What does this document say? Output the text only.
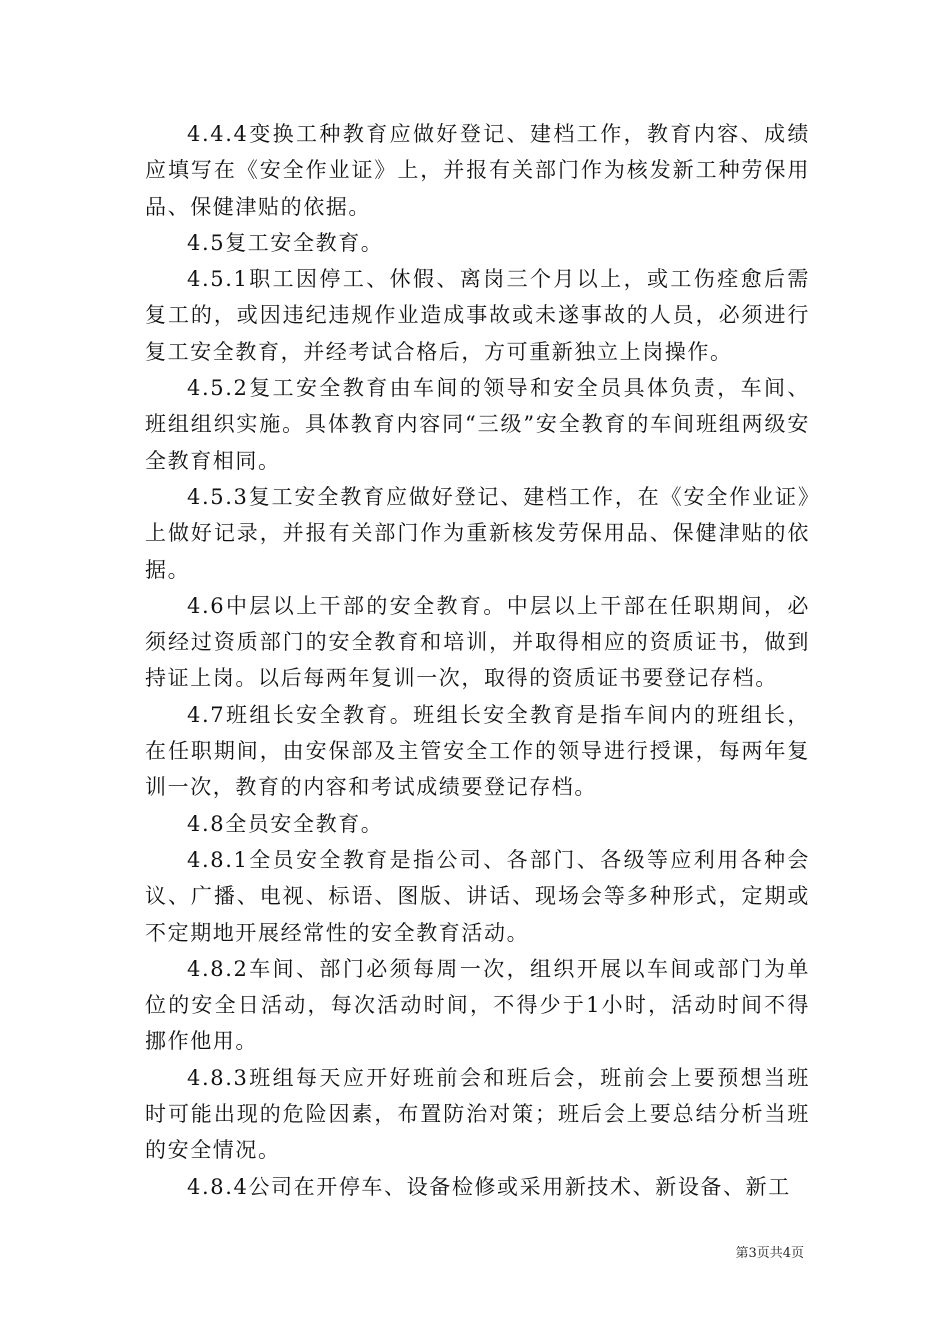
4.4.4变换工种教育应做好登记、建档工作，教育内容、成绩应填写在《安全作业证》上，并报有关部门作为核发新工种劳保用品、保健津贴的依据。

4.5复工安全教育。

4.5.1职工因停工、休假、离岗三个月以上，或工伤痊愈后需复工的，或因违纪违规作业造成事故或未遂事故的人员，必须进行复工安全教育，并经考试合格后，方可重新独立上岗操作。

4.5.2复工安全教育由车间的领导和安全员具体负责，车间、班组组织实施。具体教育内容同“三级”安全教育的车间班组两级安全教育相同。

4.5.3复工安全教育应做好登记、建档工作，在《安全作业证》上做好记录，并报有关部门作为重新核发劳保用品、保健津贴的依据。

4.6中层以上干部的安全教育。中层以上干部在任职期间，必须经过资质部门的安全教育和培训，并取得相应的资质证书，做到持证上岗。以后每两年复训一次，取得的资质证书要登记存档。

4.7班组长安全教育。班组长安全教育是指车间内的班组长，在任职期间，由安保部及主管安全工作的领导进行授课，每两年复训一次，教育的内容和考试成绩要登记存档。

4.8全员安全教育。

4.8.1全员安全教育是指公司、各部门、各级等应利用各种会议、广播、电视、标语、图版、讲话、现场会等多种形式，定期或不定期地开展经常性的安全教育活动。

4.8.2车间、部门必须每周一次，组织开展以车间或部门为单位的安全日活动，每次活动时间，不得少于1小时，活动时间不得挪作他用。

4.8.3班组每天应开好班前会和班后会，班前会上要预想当班时可能出现的危险因素，布置防治对策；班后会上要总结分析当班的安全情况。

4.8.4公司在开停车、设备检修或采用新技术、新设备、新工

第3页共4页
